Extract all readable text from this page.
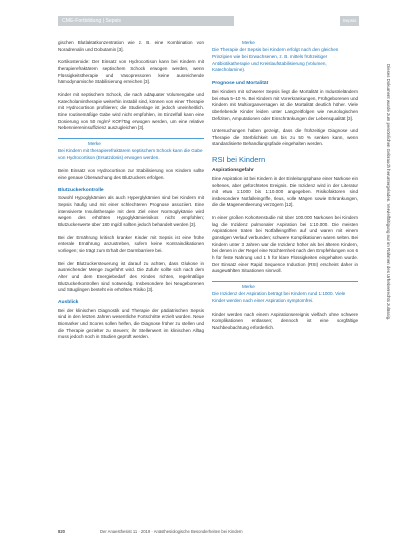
CME-Fortbildung | Sepsis	Sepsis

gischen Blutlaktatkonzentration wie z. B. eine Kombination von Noradrenalin und Dobutamin [3].

Kortikosteroide: Der Einsatz von Hydrocortison kann bei Kindern mit therapierefraktärem septischem Schock erwogen werden, wenn Flüssigkeitstherapie und Vasopressoren keine ausreichende hämodynamische Stabilisierung erreichen [3].

Kinder mit septischem Schock, die nach adäquater Volumengabe und Katecholamintherapie weiterhin instabil sind, können von einer Therapie mit Hydrocortison profitieren; die Studienlage ist jedoch uneinheitlich. Eine routinemäßige Gabe wird nicht empfohlen, im Einzelfall kann eine Dosierung von 50 mg/m² KOF/Tag erwogen werden, um eine relative Nebenniereninsuffizienz auszugleichen [3].

Merke

Bei Kindern mit therapierefraktärem septischem Schock kann die Gabe von Hydrocortison (Ersatzdosis) erwogen werden.

Beim Einsatz von Hydrocortison zur Stabilisierung von Kindern sollte eine genaue Überwachung des Blutzuckers erfolgen.

Blutzuckerkontrolle

Sowohl Hypoglykämien als auch Hyperglykämien sind bei Kindern mit Sepsis häufig und mit einer schlechteren Prognose assoziiert. Eine intensivierte Insulintherapie mit dem Ziel einer Normoglykämie wird wegen des erhöhten Hypoglykämierisikos nicht empfohlen; Blutzuckerwerte über 180 mg/dl sollten jedoch behandelt werden [3].

Bei der Ernährung kritisch kranker Kinder mit Sepsis ist eine frühe enterale Ernährung anzustreben, sofern keine Kontraindikationen vorliegen; sie trägt zum Erhalt der Darmbarriere bei.

Bei der Blutzuckersteuerung ist darauf zu achten, dass Glukose in ausreichender Menge zugeführt wird. Die Zufuhr sollte sich nach dem Alter und dem Energiebedarf des Kindes richten, regelmäßige Blutzuckerkontrollen sind notwendig. Insbesondere bei Neugeborenen und Säuglingen besteht ein erhöhtes Risiko [3].

Ausblick

Bei der klinischen Diagnostik und Therapie der pädiatrischen Sepsis sind in den letzten Jahren wesentliche Fortschritte erzielt worden. Neue Biomarker und Scores sollen helfen, die Diagnose früher zu stellen und die Therapie gezielter zu steuern; ihr Stellenwert im klinischen Alltag muss jedoch noch in Studien geprüft werden.

Merke

Die Therapie der Sepsis bei Kindern erfolgt nach den gleichen Prinzipien wie bei Erwachsenen, z. B. mittels frühzeitiger Antibiotikatherapie und Kreislaufstabilisierung (Volumen, Katecholamine).

Prognose und Mortalität

Bei Kindern mit schwerer Sepsis liegt die Mortalität in Industrieländern bei etwa 5–10 %. Bei Kindern mit Vorerkrankungen, Frühgeborenen und Kindern mit Multiorganversagen ist die Mortalität deutlich höher. Viele überlebende Kinder leiden unter Langzeitfolgen wie neurologischen Defiziten, Amputationen oder Einschränkungen der Lebensqualität [3].

Untersuchungen haben gezeigt, dass die frühzeitige Diagnose und Therapie die Sterblichkeit um bis zu 50 % senken kann, wenn standardisierte Behandlungspfade eingehalten werden.

RSI bei Kindern
Aspirationsgefahr

Eine Aspiration ist bei Kindern in der Einleitungsphase einer Narkose ein seltenes, aber gefürchtetes Ereignis. Die Inzidenz wird in der Literatur mit etwa 1:1000 bis 1:10.000 angegeben. Risikofaktoren sind insbesondere Notfalleingriffe, Ileus, volle Mägen sowie Erkrankungen, die die Magenentleerung verzögern [12].

In einer großen Kohortenstudie mit über 100.000 Narkosen bei Kindern lag die Inzidenz pulmonaler Aspiration bei 1:10.000. Die meisten Aspirationen traten bei Notfalleingriffen auf und waren mit einem günstigen Verlauf verbunden; schwere Komplikationen waren selten. Bei Kindern unter 3 Jahren war die Inzidenz höher als bei älteren Kindern, bei denen in der Regel eine Nüchternheit nach den Empfehlungen von 6 h für feste Nahrung und 1 h für klare Flüssigkeiten eingehalten wurde. Der Einsatz einer Rapid Sequence Induction (RSI) erscheint daher in ausgewählten Situationen sinnvoll.

Merke

Die Inzidenz der Aspiration beträgt bei Kindern rund 1:1000. Viele Kinder werden nach einer Aspiration symptomfrei.

Kinder werden nach einem Aspirationsereignis vielfach ohne schwere Komplikationen entlassen; dennoch ist eine sorgfältige Nachbeobachtung erforderlich.

820	Der Anaesthesist 11 · 2019 · Anästhesiologische Besonderheiten bei Kindern
Dieses Dokument wurde zum persönlichen Gebrauch heruntergeladen. Vervielfältigung nur im Rahmen des Urheberrechts zulässig.
